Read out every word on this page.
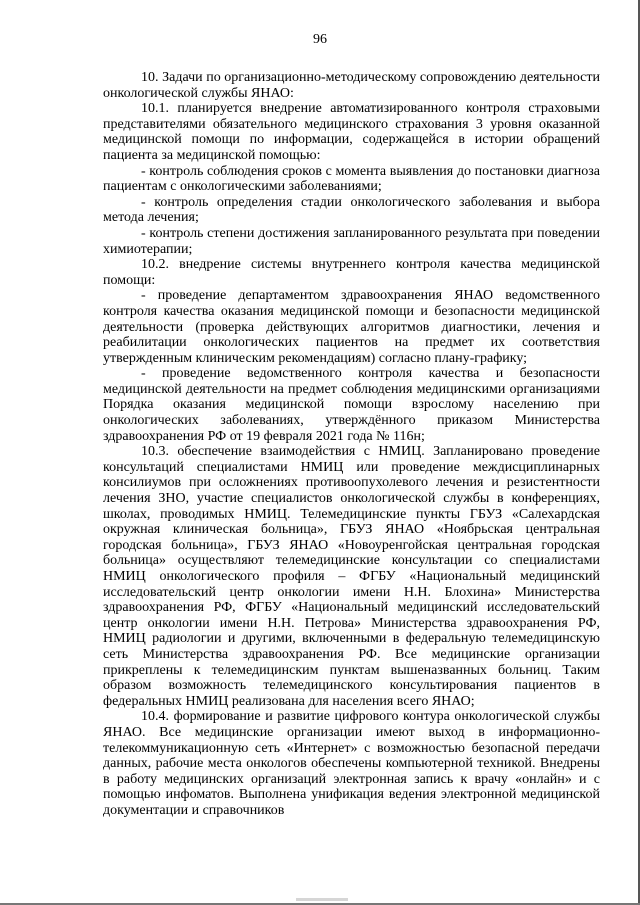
96

10. Задачи по организационно-методическому сопровождению деятельности онкологической службы ЯНАО:

10.1. планируется внедрение автоматизированного контроля страховыми представителями обязательного медицинского страхования 3 уровня оказанной медицинской помощи по информации, содержащейся в истории обращений пациента за медицинской помощью:

- контроль соблюдения сроков с момента выявления до постановки диагноза пациентам с онкологическими заболеваниями;

- контроль определения стадии онкологического заболевания и выбора метода лечения;

- контроль степени достижения запланированного результата при поведении химиотерапии;

10.2. внедрение системы внутреннего контроля качества медицинской помощи:

- проведение департаментом здравоохранения ЯНАО ведомственного контроля качества оказания медицинской помощи и безопасности медицинской деятельности (проверка действующих алгоритмов диагностики, лечения и реабилитации онкологических пациентов на предмет их соответствия утвержденным клиническим рекомендациям) согласно плану-графику;

- проведение ведомственного контроля качества и безопасности медицинской деятельности на предмет соблюдения медицинскими организациями Порядка оказания медицинской помощи взрослому населению при онкологических заболеваниях, утверждённого приказом Министерства здравоохранения РФ от 19 февраля 2021 года № 116н;

10.3. обеспечение взаимодействия с НМИЦ. Запланировано проведение консультаций специалистами НМИЦ или проведение междисциплинарных консилиумов при осложнениях противоопухолевого лечения и резистентности лечения ЗНО, участие специалистов онкологической службы в конференциях, школах, проводимых НМИЦ. Телемедицинские пункты ГБУЗ «Салехардская окружная клиническая больница», ГБУЗ ЯНАО «Ноябрьская центральная городская больница», ГБУЗ ЯНАО «Новоуренгойская центральная городская больница» осуществляют телемедицинские консультации со специалистами НМИЦ онкологического профиля – ФГБУ «Национальный медицинский исследовательский центр онкологии имени Н.Н. Блохина» Министерства здравоохранения РФ, ФГБУ «Национальный медицинский исследовательский центр онкологии имени Н.Н. Петрова» Министерства здравоохранения РФ, НМИЦ радиологии и другими, включенными в федеральную телемедицинскую сеть Министерства здравоохранения РФ. Все медицинские организации прикреплены к телемедицинским пунктам вышеназванных больниц. Таким образом возможность телемедицинского консультирования пациентов в федеральных НМИЦ реализована для населения всего ЯНАО;

10.4. формирование и развитие цифрового контура онкологической службы ЯНАО. Все медицинские организации имеют выход в информационно-телекоммуникационную сеть «Интернет» с возможностью безопасной передачи данных, рабочие места онкологов обеспечены компьютерной техникой. Внедрены в работу медицинских организаций электронная запись к врачу «онлайн» и с помощью инфоматов. Выполнена унификация ведения электронной медицинской документации и справочников
